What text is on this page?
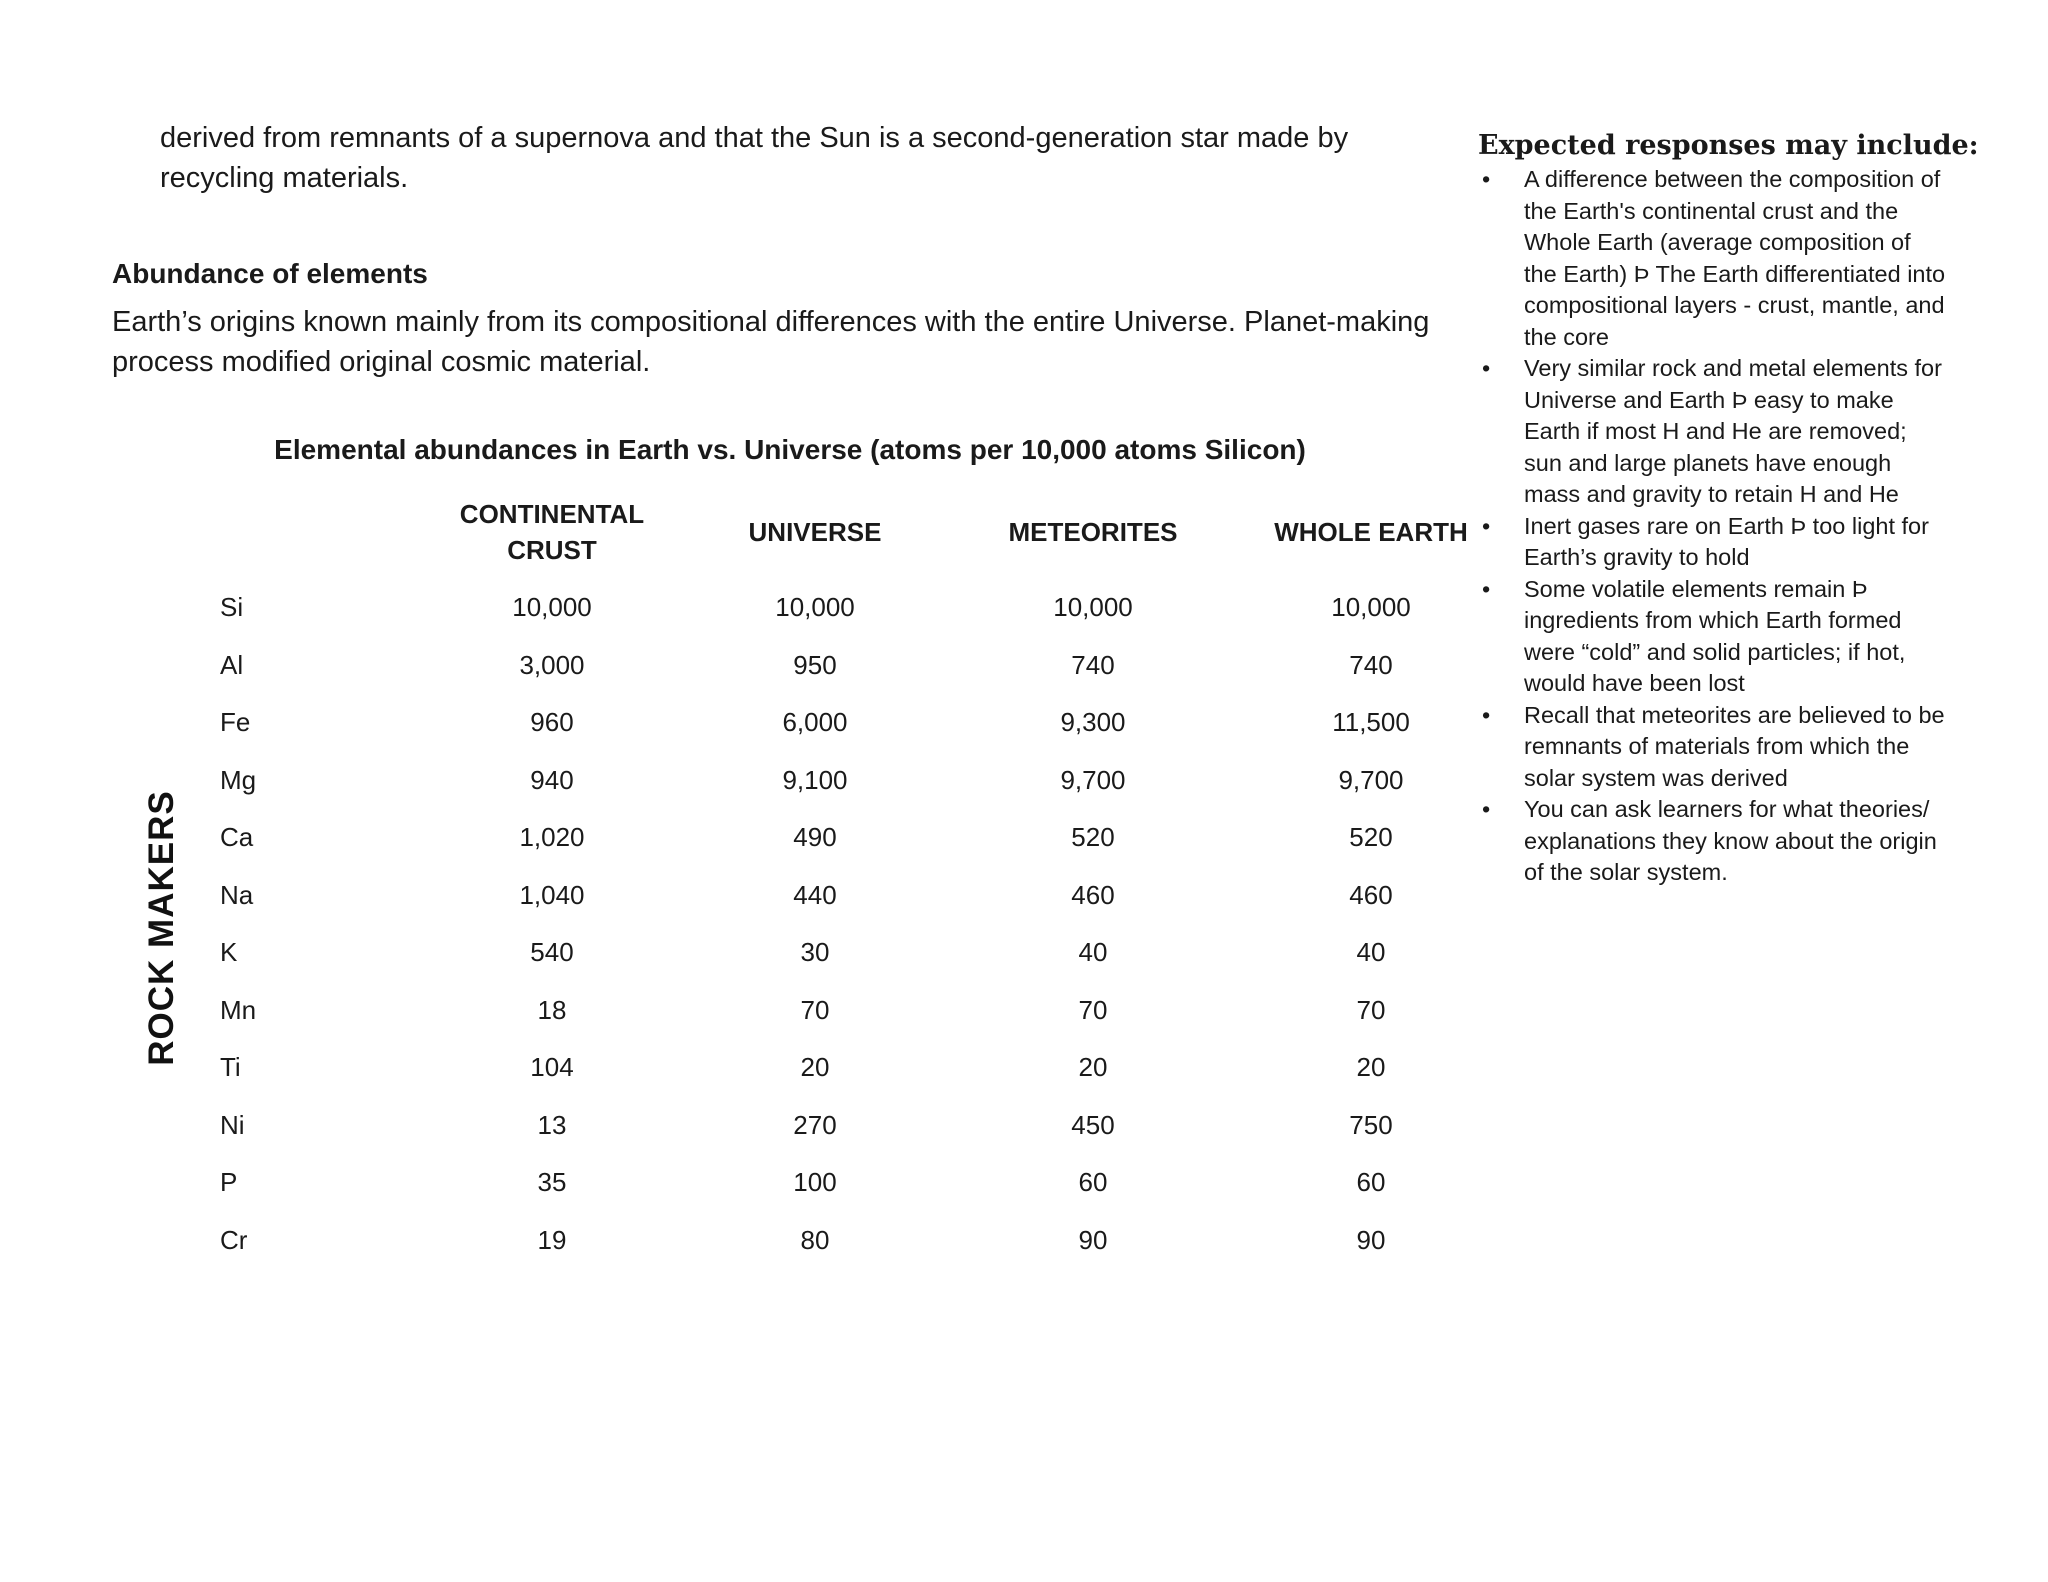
derived from remnants of a supernova and that the Sun is a second-generation star made by recycling materials.

Abundance of elements

Earth’s origins known mainly from its compositional differences with the entire Universe. Planet-making process modified original cosmic material.

Elemental abundances in Earth vs. Universe (atoms per 10,000 atoms Silicon)
ROCK MAKERS
	CONTINENTAL CRUST	UNIVERSE	METEORITES	WHOLE EARTH
Si	10,000	10,000	10,000	10,000
Al	3,000	950	740	740
Fe	960	6,000	9,300	11,500
Mg	940	9,100	9,700	9,700
Ca	1,020	490	520	520
Na	1,040	440	460	460
K	540	30	40	40
Mn	18	70	70	70
Ti	104	20	20	20
Ni	13	270	450	750
P	35	100	60	60
Cr	19	80	90	90
Expected responses may include:
• A difference between the composition of the Earth's continental crust and the Whole Earth (average composition of the Earth) Þ The Earth differentiated into compositional layers - crust, mantle, and the core
• Very similar rock and metal elements for Universe and Earth Þ easy to make Earth if most H and He are removed; sun and large planets have enough mass and gravity to retain H and He
• Inert gases rare on Earth Þ too light for Earth’s gravity to hold
• Some volatile elements remain Þ ingredients from which Earth formed were “cold” and solid particles; if hot, would have been lost
• Recall that meteorites are believed to be remnants of materials from which the solar system was derived
• You can ask learners for what theories/ explanations they know about the origin of the solar system.
